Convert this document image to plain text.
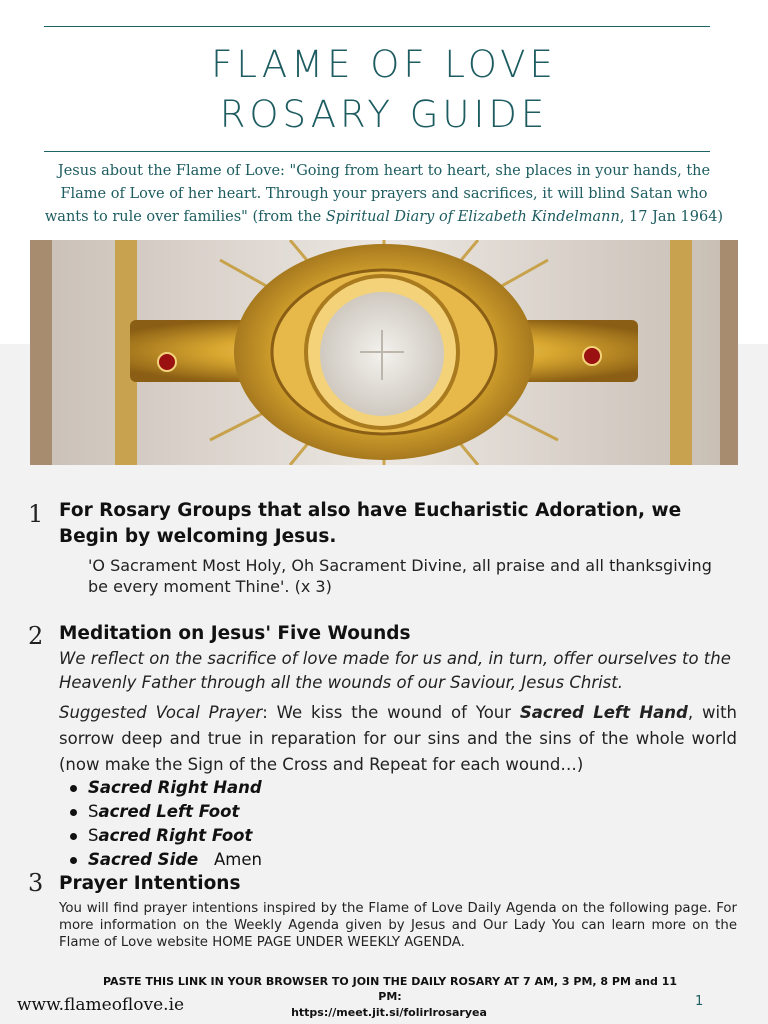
FLAME OF LOVE
ROSARY GUIDE

Jesus about the Flame of Love: "Going from heart to heart, she places in your hands, the Flame of Love of her heart. Through your prayers and sacrifices, it will blind Satan who wants to rule over families" (from the Spiritual Diary of Elizabeth Kindelmann, 17 Jan 1964)

1 For Rosary Groups that also have Eucharistic Adoration, we Begin by welcoming Jesus.

'O Sacrament Most Holy, Oh Sacrament Divine, all praise and all thanksgiving be every moment Thine'. (x 3)

2 Meditation on Jesus' Five Wounds

We reflect on the sacrifice of love made for us and, in turn, offer ourselves to the Heavenly Father through all the wounds of our Saviour, Jesus Christ.

Suggested Vocal Prayer: We kiss the wound of Your Sacred Left Hand, with sorrow deep and true in reparation for our sins and the sins of the whole world (now make the Sign of the Cross and Repeat for each wound…)

Sacred Right Hand
Sacred Left Foot
Sacred Right Foot
Sacred Side   Amen
3 Prayer Intentions

You will find prayer intentions inspired by the Flame of Love Daily Agenda on the following page. For more information on the Weekly Agenda given by Jesus and Our Lady You can learn more on the Flame of Love website HOME PAGE UNDER WEEKLY AGENDA.

PASTE THIS LINK IN YOUR BROWSER TO JOIN THE DAILY ROSARY AT 7 AM, 3 PM, 8 PM and 11 PM:

https://meet.jit.si/folirlrosaryea
www.flameoflove.ie	1
